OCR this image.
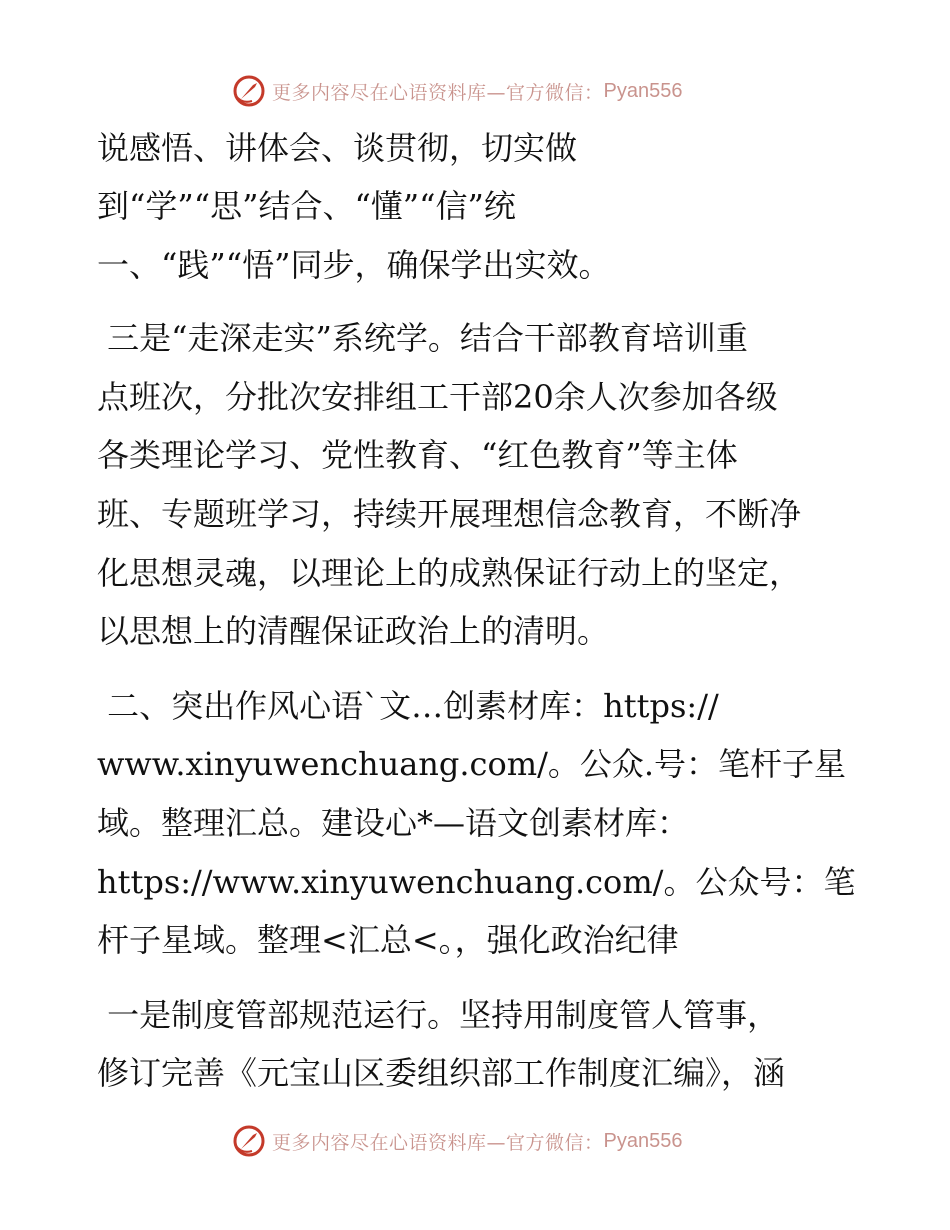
更多内容尽在心语资料库—官方微信： Pyan556
说感悟、讲体会、谈贯彻，切实做
到“学”“思”结合、“懂”“信”统
一、“践”“悟”同步，确保学出实效。
三是“走深走实”系统学。结合干部教育培训重
点班次，分批次安排组工干部20余人次参加各级
各类理论学习、党性教育、“红色教育”等主体
班、专题班学习，持续开展理想信念教育，不断净
化思想灵魂，以理论上的成熟保证行动上的坚定，
以思想上的清醒保证政治上的清明。
二、突出作风心语`文…创素材库：https://
www.xinyuwenchuang.com/。公众.号：笔杆子星
域。整理汇总。建设心*—语文创素材库：
https://www.xinyuwenchuang.com/。公众号：笔
杆子星域。整理<汇总<。，强化政治纪律
一是制度管部规范运行。坚持用制度管人管事，
修订完善《元宝山区委组织部工作制度汇编》，涵
更多内容尽在心语资料库—官方微信： Pyan556
